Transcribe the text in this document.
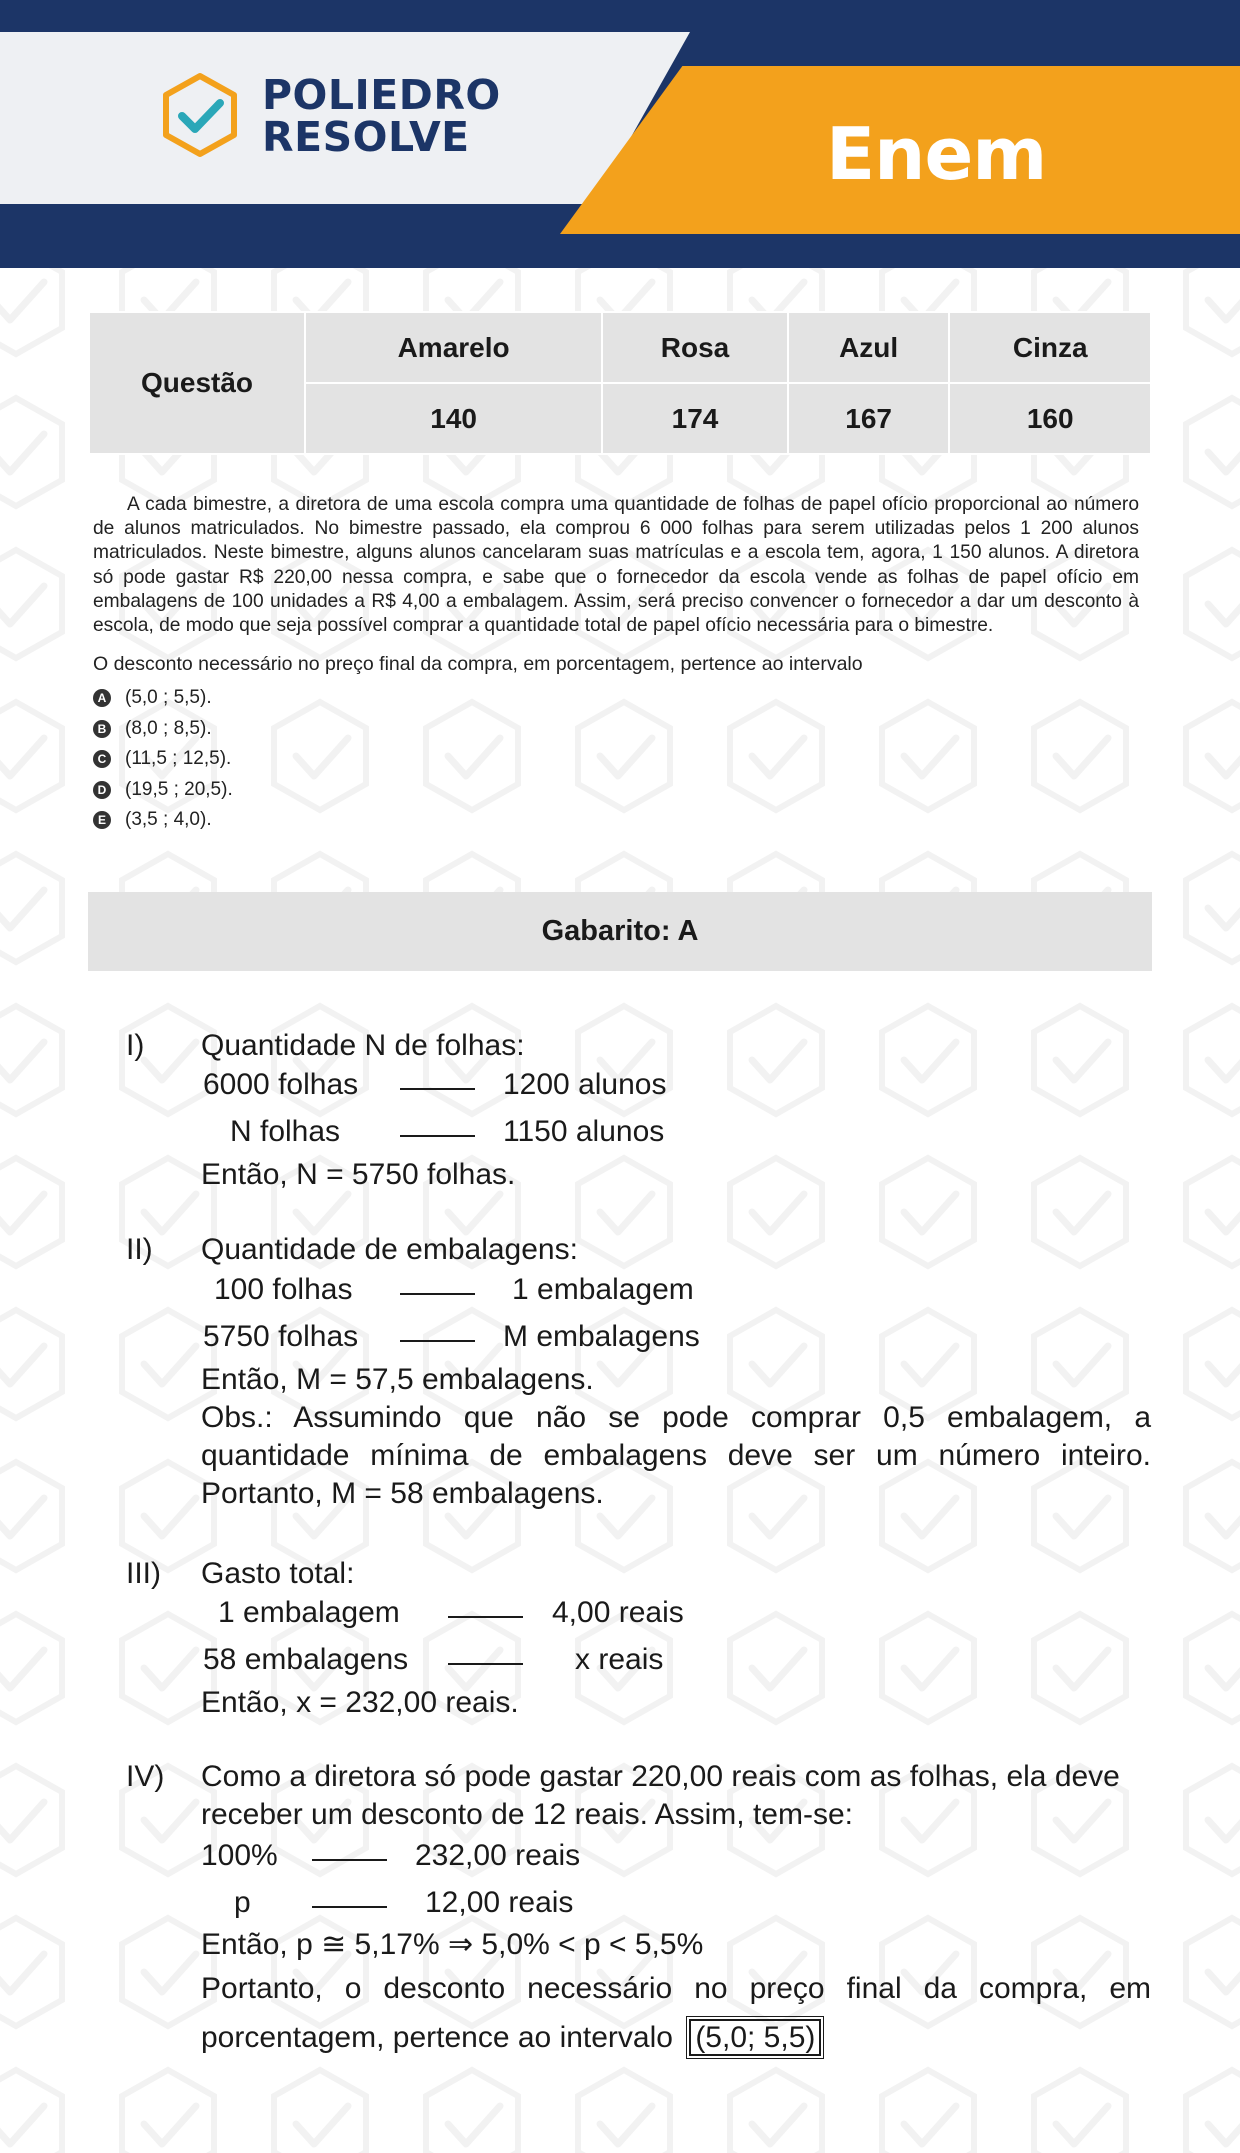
POLIEDRO
RESOLVE	Enem
Questão	Amarelo	Rosa	Azul	Cinza
	140	174	167	160

A cada bimestre, a diretora de uma escola compra uma quantidade de folhas de papel ofício proporcional ao número de alunos matriculados. No bimestre passado, ela comprou 6 000 folhas para serem utilizadas pelos 1 200 alunos matriculados. Neste bimestre, alguns alunos cancelaram suas matrículas e a escola tem, agora, 1 150 alunos. A diretora só pode gastar R$ 220,00 nessa compra, e sabe que o fornecedor da escola vende as folhas de papel ofício em embalagens de 100 unidades a R$ 4,00 a embalagem. Assim, será preciso convencer o fornecedor a dar um desconto à escola, de modo que seja possível comprar a quantidade total de papel ofício necessária para o bimestre.

O desconto necessário no preço final da compra, em porcentagem, pertence ao intervalo
A (5,0 ; 5,5).
B (8,0 ; 8,5).
C (11,5 ; 12,5).
D (19,5 ; 20,5).
E (3,5 ; 4,0).
Gabarito: A
I) Quantidade N de folhas:
6000 folhas	1200 alunos
N folhas	1150 alunos
Então, N = 5750 folhas.
II) Quantidade de embalagens:
100 folhas	1 embalagem
5750 folhas	M embalagens
Então, M = 57,5 embalagens.
Obs.: Assumindo que não se pode comprar 0,5 embalagem, a
quantidade mínima de embalagens deve ser um número inteiro.
Portanto, M = 58 embalagens.
III) Gasto total:
1 embalagem	4,00 reais
58 embalagens	x reais
Então, x = 232,00 reais.
IV) Como a diretora só pode gastar 220,00 reais com as folhas, ela deve
receber um desconto de 12 reais. Assim, tem-se:
100%	232,00 reais
p	12,00 reais
Então, p ≅ 5,17% ⇒ 5,0% < p < 5,5%
Portanto, o desconto necessário no preço final da compra, em
porcentagem, pertence ao intervalo (5,0; 5,5)
